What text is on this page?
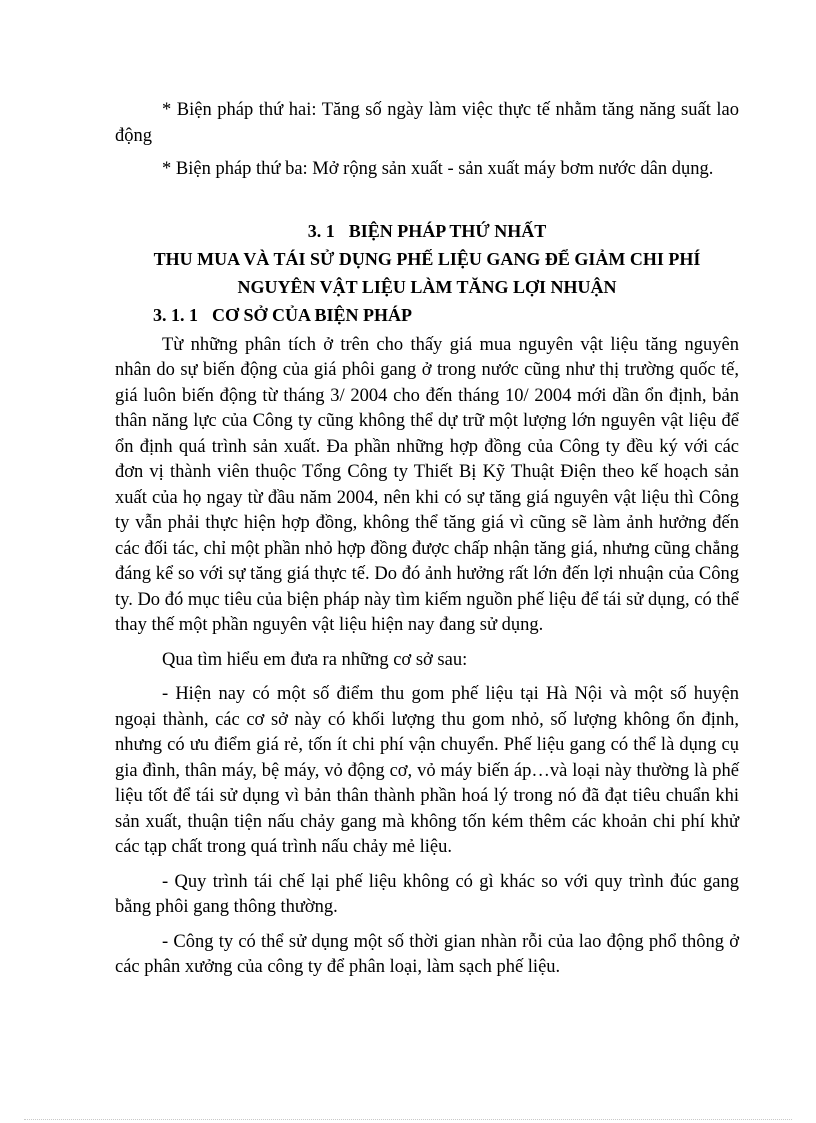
* Biện pháp thứ hai: Tăng số ngày làm việc thực tế nhằm tăng năng suất lao động

* Biện pháp thứ ba: Mở rộng sản xuất - sản xuất máy bơm nước dân dụng.

3. 1 BIỆN PHÁP THỨ NHẤT
THU MUA VÀ TÁI SỬ DỤNG PHẾ LIỆU GANG ĐỂ GIẢM CHI PHÍ
NGUYÊN VẬT LIỆU LÀM TĂNG LỢI NHUẬN
3. 1. 1 CƠ SỞ CỦA BIỆN PHÁP

Từ những phân tích ở trên cho thấy giá mua nguyên vật liệu tăng nguyên nhân do sự biến động của giá phôi gang ở trong nước cũng như thị trường quốc tế, giá luôn biến động từ tháng 3/ 2004 cho đến tháng 10/ 2004 mới dần ổn định, bản thân năng lực của Công ty cũng không thể dự trữ một lượng lớn nguyên vật liệu để ổn định quá trình sản xuất. Đa phần những hợp đồng của Công ty đều ký với các đơn vị thành viên thuộc Tổng Công ty Thiết Bị Kỹ Thuật Điện theo kế hoạch sản xuất của họ ngay từ đầu năm 2004, nên khi có sự tăng giá nguyên vật liệu thì Công ty vẫn phải thực hiện hợp đồng, không thể tăng giá vì cũng sẽ làm ảnh hưởng đến các đối tác, chỉ một phần nhỏ hợp đồng được chấp nhận tăng giá, nhưng cũng chẳng đáng kể so với sự tăng giá thực tế. Do đó ảnh hưởng rất lớn đến lợi nhuận của Công ty. Do đó mục tiêu của biện pháp này tìm kiếm nguồn phế liệu để tái sử dụng, có thể thay thế một phần nguyên vật liệu hiện nay đang sử dụng.

Qua tìm hiểu em đưa ra những cơ sở sau:

- Hiện nay có một số điểm thu gom phế liệu tại Hà Nội và một số huyện ngoại thành, các cơ sở này có khối lượng thu gom nhỏ, số lượng không ổn định, nhưng có ưu điểm giá rẻ, tốn ít chi phí vận chuyển. Phế liệu gang có thể là dụng cụ gia đình, thân máy, bệ máy, vỏ động cơ, vỏ máy biến áp…và loại này thường là phế liệu tốt để tái sử dụng vì bản thân thành phần hoá lý trong nó đã đạt tiêu chuẩn khi sản xuất, thuận tiện nấu chảy gang mà không tốn kém thêm các khoản chi phí khử các tạp chất trong quá trình nấu chảy mẻ liệu.

- Quy trình tái chế lại phế liệu không có gì khác so với quy trình đúc gang bằng phôi gang thông thường.

- Công ty có thể sử dụng một số thời gian nhàn rỗi của lao động phổ thông ở các phân xưởng của công ty để phân loại, làm sạch phế liệu.
